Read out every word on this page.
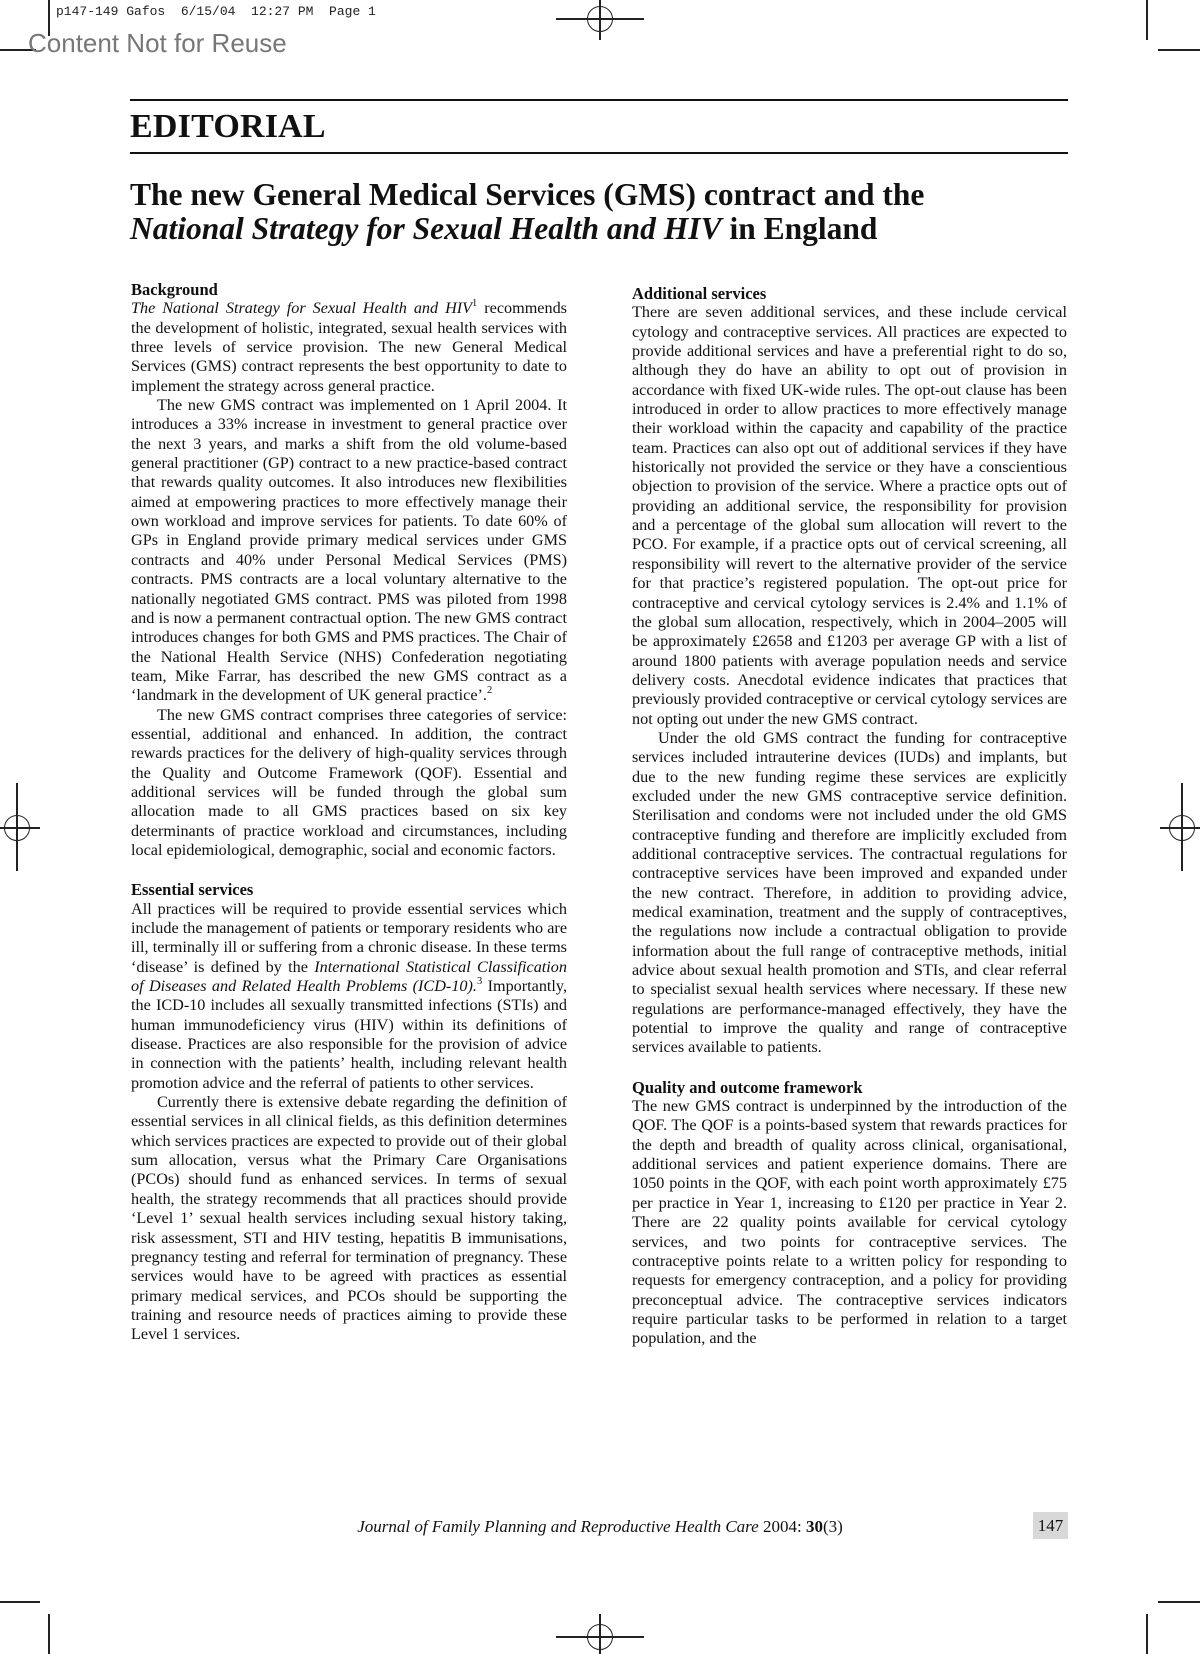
p147-149 Gafos  6/15/04  12:27 PM  Page 1
Content Not for Reuse
EDITORIAL
The new General Medical Services (GMS) contract and the
National Strategy for Sexual Health and HIV in England
Background

The National Strategy for Sexual Health and HIV$^1$ recommends the development of holistic, integrated, sexual health services with three levels of service provision. The new General Medical Services (GMS) contract represents the best opportunity to date to implement the strategy across general practice.

The new GMS contract was implemented on 1 April 2004. It introduces a 33% increase in investment to general practice over the next 3 years, and marks a shift from the old volume-based general practitioner (GP) contract to a new practice-based contract that rewards quality outcomes. It also introduces new flexibilities aimed at empowering practices to more effectively manage their own workload and improve services for patients. To date 60% of GPs in England provide primary medical services under GMS contracts and 40% under Personal Medical Services (PMS) contracts. PMS contracts are a local voluntary alternative to the nationally negotiated GMS contract. PMS was piloted from 1998 and is now a permanent contractual option. The new GMS contract introduces changes for both GMS and PMS practices. The Chair of the National Health Service (NHS) Confederation negotiating team, Mike Farrar, has described the new GMS contract as a ‘landmark in the development of UK general practice’.$^2$

The new GMS contract comprises three categories of service: essential, additional and enhanced. In addition, the contract rewards practices for the delivery of high-quality services through the Quality and Outcome Framework (QOF). Essential and additional services will be funded through the global sum allocation made to all GMS practices based on six key determinants of practice workload and circumstances, including local epidemiological, demographic, social and economic factors.

Essential services

All practices will be required to provide essential services which include the management of patients or temporary residents who are ill, terminally ill or suffering from a chronic disease. In these terms ‘disease’ is defined by the International Statistical Classification of Diseases and Related Health Problems (ICD-10).$^3$ Importantly, the ICD-10 includes all sexually transmitted infections (STIs) and human immunodeficiency virus (HIV) within its definitions of disease. Practices are also responsible for the provision of advice in connection with the patients’ health, including relevant health promotion advice and the referral of patients to other services.

Currently there is extensive debate regarding the definition of essential services in all clinical fields, as this definition determines which services practices are expected to provide out of their global sum allocation, versus what the Primary Care Organisations (PCOs) should fund as enhanced services. In terms of sexual health, the strategy recommends that all practices should provide ‘Level 1’ sexual health services including sexual history taking, risk assessment, STI and HIV testing, hepatitis B immunisations, pregnancy testing and referral for termination of pregnancy. These services would have to be agreed with practices as essential primary medical services, and PCOs should be supporting the training and resource needs of practices aiming to provide these Level 1 services.

Additional services

There are seven additional services, and these include cervical cytology and contraceptive services. All practices are expected to provide additional services and have a preferential right to do so, although they do have an ability to opt out of provision in accordance with fixed UK-wide rules. The opt-out clause has been introduced in order to allow practices to more effectively manage their workload within the capacity and capability of the practice team. Practices can also opt out of additional services if they have historically not provided the service or they have a conscientious objection to provision of the service. Where a practice opts out of providing an additional service, the responsibility for provision and a percentage of the global sum allocation will revert to the PCO. For example, if a practice opts out of cervical screening, all responsibility will revert to the alternative provider of the service for that practice’s registered population. The opt-out price for contraceptive and cervical cytology services is 2.4% and 1.1% of the global sum allocation, respectively, which in 2004–2005 will be approximately £2658 and £1203 per average GP with a list of around 1800 patients with average population needs and service delivery costs. Anecdotal evidence indicates that practices that previously provided contraceptive or cervical cytology services are not opting out under the new GMS contract.

Under the old GMS contract the funding for contraceptive services included intrauterine devices (IUDs) and implants, but due to the new funding regime these services are explicitly excluded under the new GMS contraceptive service definition. Sterilisation and condoms were not included under the old GMS contraceptive funding and therefore are implicitly excluded from additional contraceptive services. The contractual regulations for contraceptive services have been improved and expanded under the new contract. Therefore, in addition to providing advice, medical examination, treatment and the supply of contraceptives, the regulations now include a contractual obligation to provide information about the full range of contraceptive methods, initial advice about sexual health promotion and STIs, and clear referral to specialist sexual health services where necessary. If these new regulations are performance-managed effectively, they have the potential to improve the quality and range of contraceptive services available to patients.

Quality and outcome framework

The new GMS contract is underpinned by the introduction of the QOF. The QOF is a points-based system that rewards practices for the depth and breadth of quality across clinical, organisational, additional services and patient experience domains. There are 1050 points in the QOF, with each point worth approximately £75 per practice in Year 1, increasing to £120 per practice in Year 2. There are 22 quality points available for cervical cytology services, and two points for contraceptive services. The contraceptive points relate to a written policy for responding to requests for emergency contraception, and a policy for providing preconceptual advice. The contraceptive services indicators require particular tasks to be performed in relation to a target population, and the

Journal of Family Planning and Reproductive Health Care 2004: 30(3)	147
